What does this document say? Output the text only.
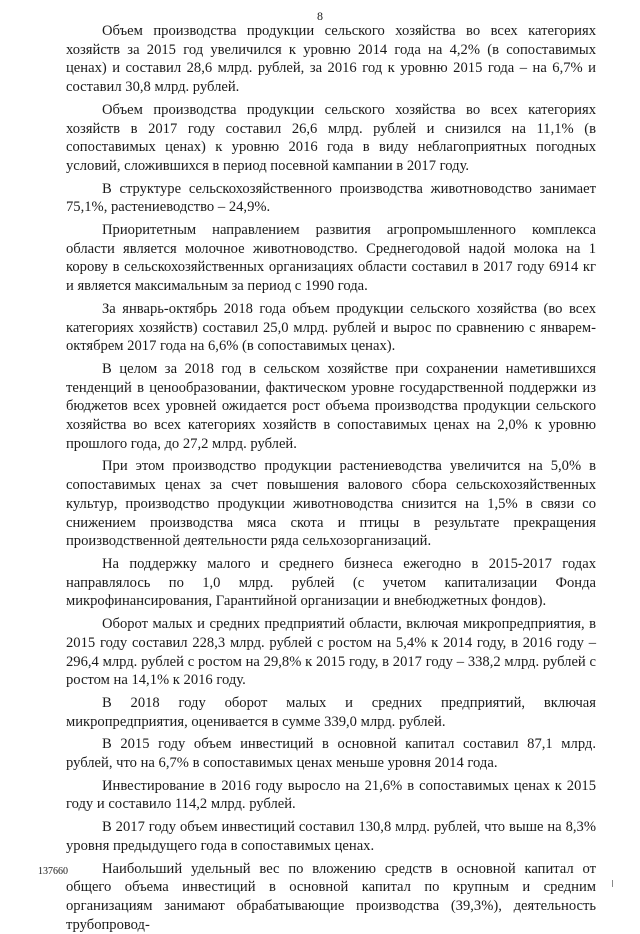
8

Объем производства продукции сельского хозяйства во всех категориях хозяйств за 2015 год увеличился к уровню 2014 года на 4,2% (в сопоставимых ценах) и составил 28,6 млрд. рублей, за 2016 год к уровню 2015 года – на 6,7% и составил 30,8 млрд. рублей.

Объем производства продукции сельского хозяйства во всех категориях хозяйств в 2017 году составил 26,6 млрд. рублей и снизился на 11,1% (в сопоставимых ценах) к уровню 2016 года в виду неблагоприятных погодных условий, сложившихся в период посевной кампании в 2017 году.

В структуре сельскохозяйственного производства животноводство занимает 75,1%, растениеводство – 24,9%.

Приоритетным направлением развития агропромышленного комплекса области является молочное животноводство. Среднегодовой надой молока на 1 корову в сельскохозяйственных организациях области составил в 2017 году 6914 кг и является максимальным за период с 1990 года.

За январь-октябрь 2018 года объем продукции сельского хозяйства (во всех категориях хозяйств) составил 25,0 млрд. рублей и вырос по сравнению с январем-октябрем 2017 года на 6,6% (в сопоставимых ценах).

В целом за 2018 год в сельском хозяйстве при сохранении наметившихся тенденций в ценообразовании, фактическом уровне государственной поддержки из бюджетов всех уровней ожидается рост объема производства продукции сельского хозяйства во всех категориях хозяйств в сопоставимых ценах на 2,0% к уровню прошлого года, до 27,2 млрд. рублей.

При этом производство продукции растениеводства увеличится на 5,0% в сопоставимых ценах за счет повышения валового сбора сельскохозяйственных культур, производство продукции животноводства снизится на 1,5% в связи со снижением производства мяса скота и птицы в результате прекращения производственной деятельности ряда сельхозорганизаций.

На поддержку малого и среднего бизнеса ежегодно в 2015-2017 годах направлялось по 1,0 млрд. рублей (с учетом капитализации Фонда микрофинансирования, Гарантийной организации и внебюджетных фондов).

Оборот малых и средних предприятий области, включая микропредприятия, в 2015 году составил 228,3 млрд. рублей с ростом на 5,4% к 2014 году, в 2016 году – 296,4 млрд. рублей с ростом на 29,8% к 2015 году, в 2017 году – 338,2 млрд. рублей с ростом на 14,1% к 2016 году.

В 2018 году оборот малых и средних предприятий, включая микропредприятия, оценивается в сумме 339,0 млрд. рублей.

В 2015 году объем инвестиций в основной капитал составил 87,1 млрд. рублей, что на 6,7% в сопоставимых ценах меньше уровня 2014 года.

Инвестирование в 2016 году выросло на 21,6% в сопоставимых ценах к 2015 году и составило 114,2 млрд. рублей.

В 2017 году объем инвестиций составил 130,8 млрд. рублей, что выше на 8,3% уровня предыдущего года в сопоставимых ценах.

Наибольший удельный вес по вложению средств в основной капитал от общего объема инвестиций в основной капитал по крупным и средним организациям занимают обрабатывающие производства (39,3%), деятельность трубопровод-

137660
